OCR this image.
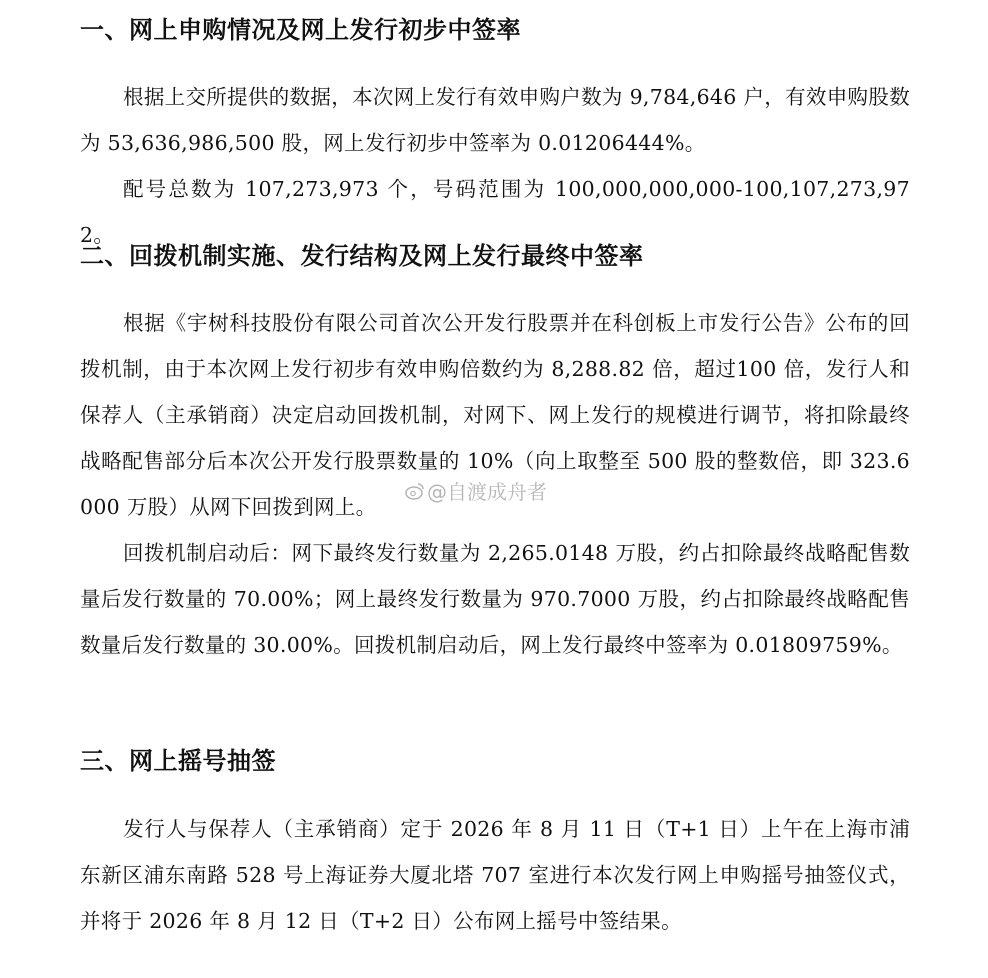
一、网上申购情况及网上发行初步中签率
根据上交所提供的数据，本次网上发行有效申购户数为 9,784,646 户，有效申购股数为 53,636,986,500 股，网上发行初步中签率为 0.01206444%。
配号总数为 107,273,973 个，号码范围为 100,000,000,000-100,107,273,972。
二、回拨机制实施、发行结构及网上发行最终中签率
根据《宇树科技股份有限公司首次公开发行股票并在科创板上市发行公告》公布的回拨机制，由于本次网上发行初步有效申购倍数约为 8,288.82 倍，超过100 倍，发行人和保荐人（主承销商）决定启动回拨机制，对网下、网上发行的规模进行调节，将扣除最终战略配售部分后本次公开发行股票数量的 10%（向上取整至 500 股的整数倍，即 323.6000 万股）从网下回拨到网上。
回拨机制启动后：网下最终发行数量为 2,265.0148 万股，约占扣除最终战略配售数量后发行数量的 70.00%；网上最终发行数量为 970.7000 万股，约占扣除最终战略配售数量后发行数量的 30.00%。回拨机制启动后，网上发行最终中签率为 0.01809759%。
三、网上摇号抽签
发行人与保荐人（主承销商）定于 2026 年 8 月 11 日（T+1 日）上午在上海市浦东新区浦东南路 528 号上海证券大厦北塔 707 室进行本次发行网上申购摇号抽签仪式，并将于 2026 年 8 月 12 日（T+2 日）公布网上摇号中签结果。
@自渡成舟者
